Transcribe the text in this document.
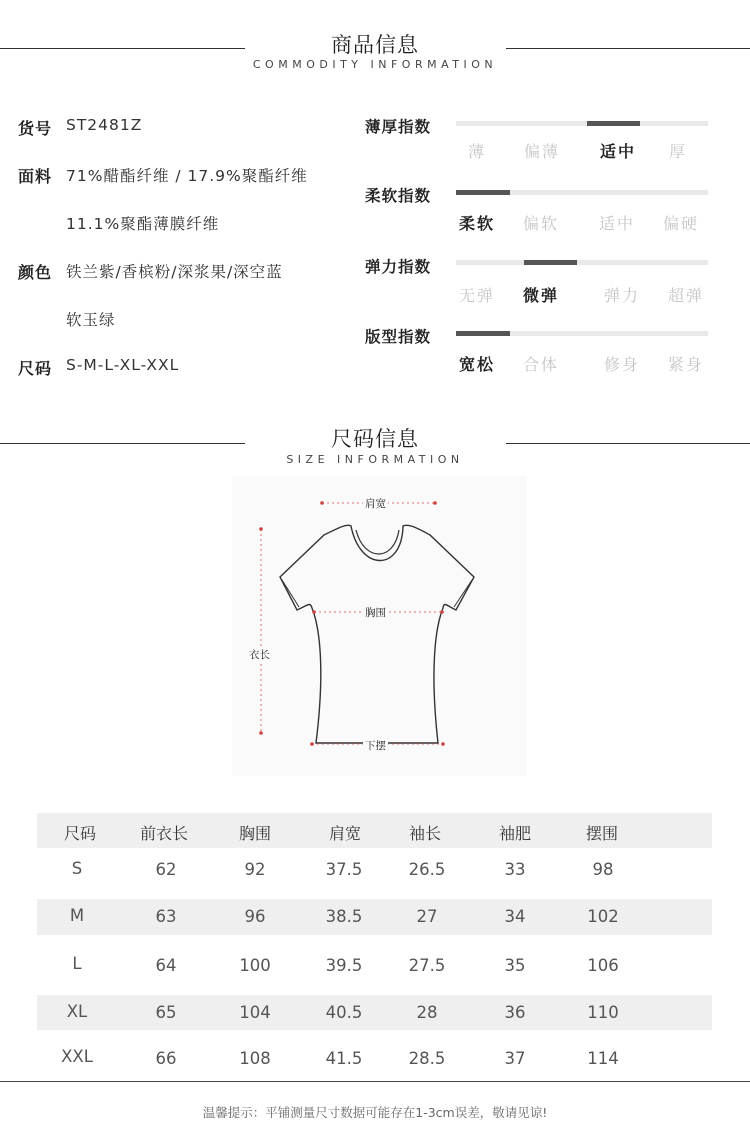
商品信息
COMMODITY INFORMATION
货号 ST2481Z
面料 71%醋酯纤维 / 17.9%聚酯纤维
11.1%聚酯薄膜纤维
颜色 铁兰紫/香槟粉/深浆果/深空蓝
软玉绿
尺码 S-M-L-XL-XXL
薄厚指数
薄	偏薄	适中	厚
柔软指数
柔软	偏软	适中	偏硬
弹力指数
无弹	微弹	弹力	超弹
版型指数
宽松	合体	修身	紧身
尺码信息
SIZE INFORMATION
肩宽
胸围
衣长
下摆
尺码	前衣长	胸围	肩宽	袖长	袖肥	摆围
S	62	92	37.5	26.5	33	98
M	63	96	38.5	27	34	102
L	64	100	39.5	27.5	35	106
XL	65	104	40.5	28	36	110
XXL	66	108	41.5	28.5	37	114
温馨提示：平铺测量尺寸数据可能存在1-3cm误差，敬请见谅!
